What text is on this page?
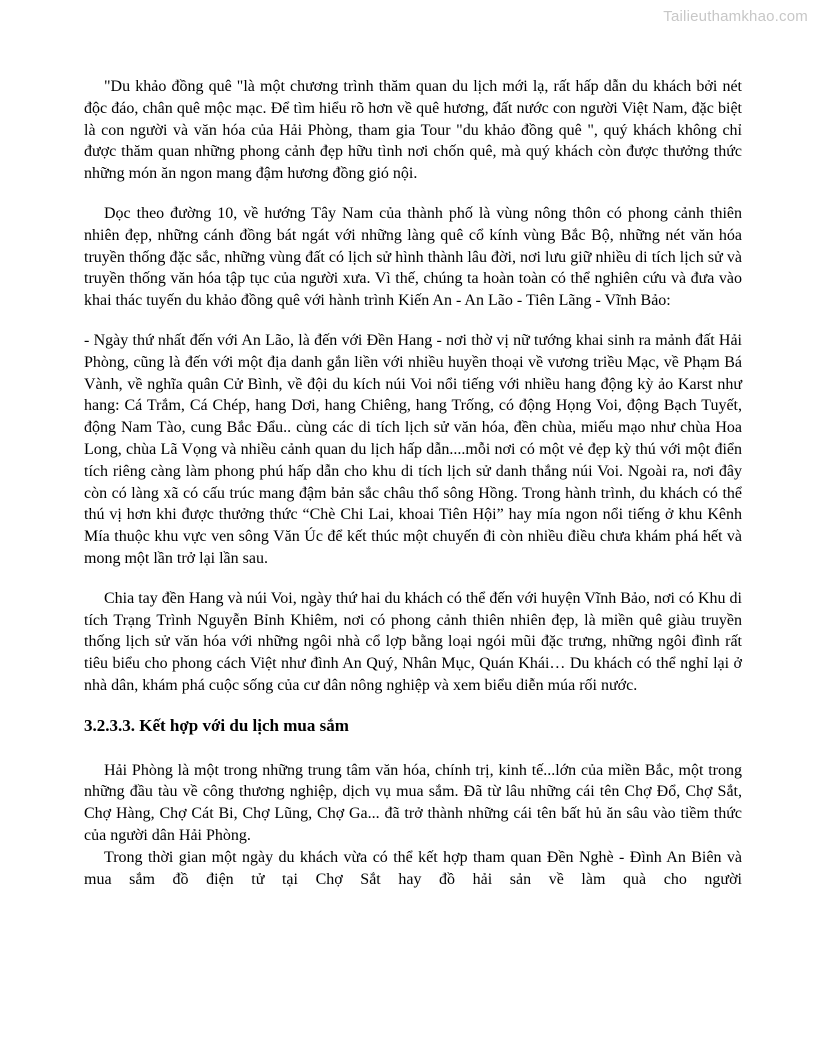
Tailieuthamkhao.com

"Du khảo đồng quê "là một chương trình thăm quan du lịch mới lạ, rất hấp dẫn du khách bởi nét độc đáo, chân quê mộc mạc. Để tìm hiểu rõ hơn về quê hương, đất nước con người Việt Nam, đặc biệt là con người và văn hóa của Hải Phòng, tham gia Tour "du khảo đồng quê ", quý khách không chỉ được thăm quan những phong cảnh đẹp hữu tình nơi chốn quê, mà quý khách còn được thưởng thức những món ăn ngon mang đậm hương đồng gió nội.

Dọc theo đường 10, về hướng Tây Nam của thành phố là vùng nông thôn có phong cảnh thiên nhiên đẹp, những cánh đồng bát ngát với những làng quê cổ kính vùng Bắc Bộ, những nét văn hóa truyền thống đặc sắc, những vùng đất có lịch sử hình thành lâu đời, nơi lưu giữ nhiều di tích lịch sử và truyền thống văn hóa tập tục của người xưa. Vì thế, chúng ta hoàn toàn có thể nghiên cứu và đưa vào khai thác tuyến du khảo đồng quê với hành trình Kiến An - An Lão - Tiên Lãng - Vĩnh Bảo:

- Ngày thứ nhất đến với An Lão, là đến với Đền Hang - nơi thờ vị nữ tướng khai sinh ra mảnh đất Hải Phòng, cũng là đến với một địa danh gắn liền với nhiều huyền thoại về vương triều Mạc, về Phạm Bá Vành, về nghĩa quân Cử Bình, về đội du kích núi Voi nổi tiếng với nhiều hang động kỳ ảo Karst như hang: Cá Trắm, Cá Chép, hang Dơi, hang Chiêng, hang Trống, có động Họng Voi, động Bạch Tuyết, động Nam Tào, cung Bắc Đẩu.. cùng các di tích lịch sử văn hóa, đền chùa, miếu mạo như chùa Hoa Long, chùa Lã Vọng và nhiều cảnh quan du lịch hấp dẫn....mỗi nơi có một vẻ đẹp kỳ thú với một điển tích riêng càng làm phong phú hấp dẫn cho khu di tích lịch sử danh thắng núi Voi. Ngoài ra, nơi đây còn có làng xã có cấu trúc mang đậm bản sắc châu thổ sông Hồng. Trong hành trình, du khách có thể thú vị hơn khi được thưởng thức “Chè Chi Lai, khoai Tiên Hội” hay mía ngon nổi tiếng ở khu Kênh Mía thuộc khu vực ven sông Văn Úc để kết thúc một chuyến đi còn nhiều điều chưa khám phá hết và mong một lần trở lại lần sau.

Chia tay đền Hang và núi Voi, ngày thứ hai du khách có thể đến với huyện Vĩnh Bảo, nơi có Khu di tích Trạng Trình Nguyễn Bỉnh Khiêm, nơi có phong cảnh thiên nhiên đẹp, là miền quê giàu truyền thống lịch sử văn hóa với những ngôi nhà cổ lợp bằng loại ngói mũi đặc trưng, những ngôi đình rất tiêu biểu cho phong cách Việt như đình An Quý, Nhân Mục, Quán Khái… Du khách có thể nghỉ lại ở nhà dân, khám phá cuộc sống của cư dân nông nghiệp và xem biểu diễn múa rối nước.

3.2.3.3. Kết hợp với du lịch mua sắm

Hải Phòng là một trong những trung tâm văn hóa, chính trị, kinh tế...lớn của miền Bắc, một trong những đầu tàu về công thương nghiệp, dịch vụ mua sắm. Đã từ lâu những cái tên Chợ Đổ, Chợ Sắt, Chợ Hàng, Chợ Cát Bi, Chợ Lũng, Chợ Ga... đã trở thành những cái tên bất hủ ăn sâu vào tiềm thức của người dân Hải Phòng.

Trong thời gian một ngày du khách vừa có thể kết hợp tham quan Đền Nghè - Đình An Biên và mua sắm đồ điện tử tại Chợ Sắt hay đồ hải sản về làm quà cho người
